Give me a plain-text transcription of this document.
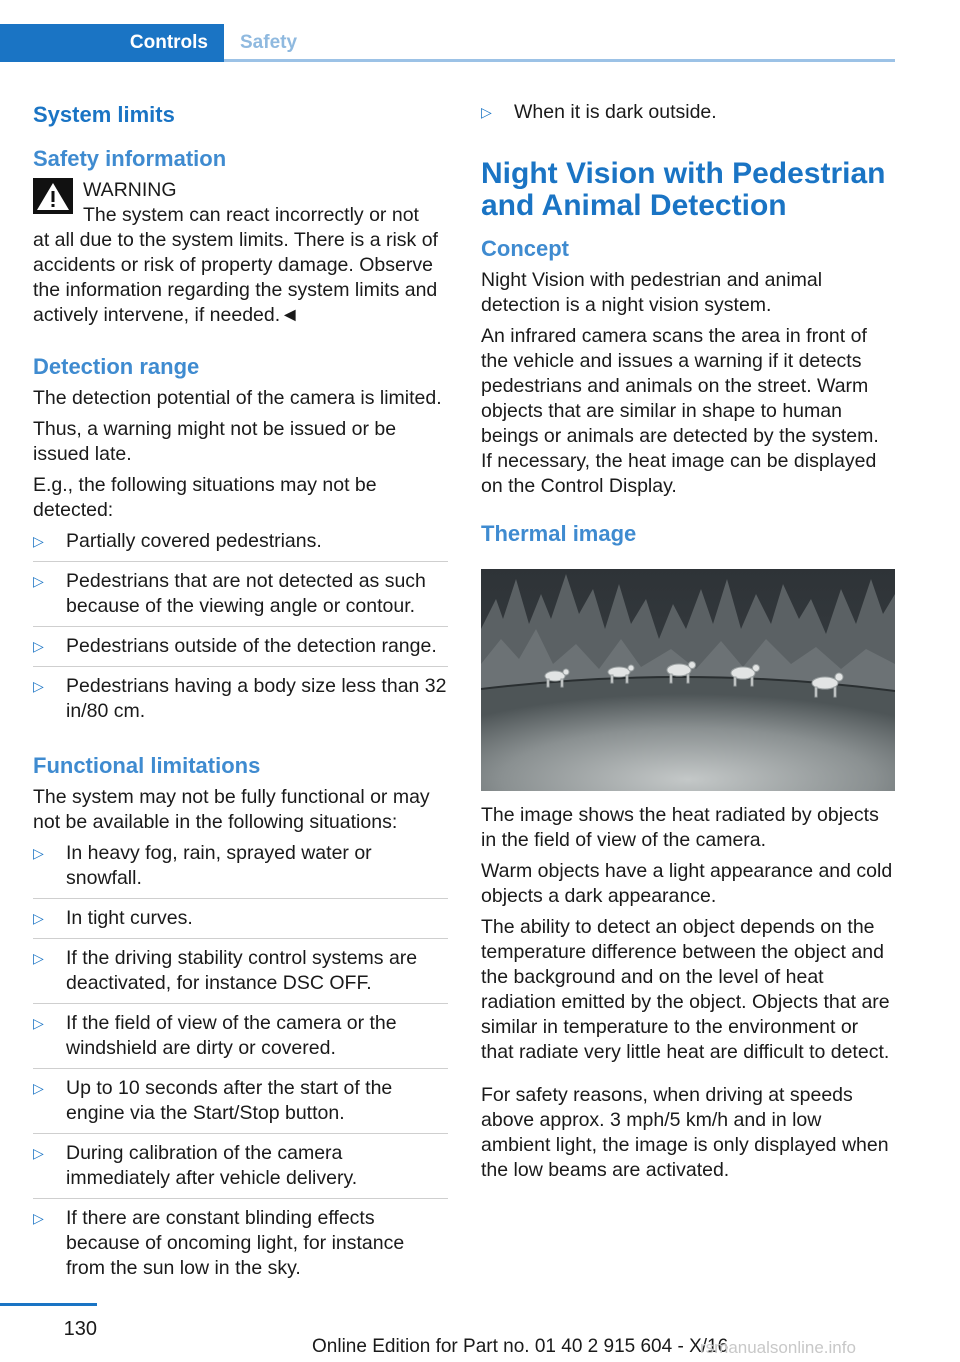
Controls	Safety
System limits
Safety information
WARNING
The system can react incorrectly or not
at all due to the system limits. There is a risk of accidents or risk of property damage. Observe the information regarding the system limits and actively intervene, if needed.◄
Detection range

The detection potential of the camera is limited.

Thus, a warning might not be issued or be issued late.

E.g., the following situations may not be detected:

▷ Partially covered pedestrians.
▷ Pedestrians that are not detected as such because of the viewing angle or contour.
▷ Pedestrians outside of the detection range.
▷ Pedestrians having a body size less than 32 in/80 cm.
Functional limitations

The system may not be fully functional or may not be available in the following situations:

▷ In heavy fog, rain, sprayed water or snowfall.
▷ In tight curves.
▷ If the driving stability control systems are deactivated, for instance DSC OFF.
▷ If the field of view of the camera or the windshield are dirty or covered.
▷ Up to 10 seconds after the start of the engine via the Start/Stop button.
▷ During calibration of the camera immediately after vehicle delivery.
▷ If there are constant blinding effects because of oncoming light, for instance from the sun low in the sky.
▷ When it is dark outside.
Night Vision with Pedestrian and Animal Detection
Concept

Night Vision with pedestrian and animal detection is a night vision system.

An infrared camera scans the area in front of the vehicle and issues a warning if it detects pedestrians and animals on the street. Warm objects that are similar in shape to human beings or animals are detected by the system. If necessary, the heat image can be displayed on the Control Display.

Thermal image

The image shows the heat radiated by objects in the field of view of the camera.

Warm objects have a light appearance and cold objects a dark appearance.

The ability to detect an object depends on the temperature difference between the object and the background and on the level of heat radiation emitted by the object. Objects that are similar in temperature to the environment or that radiate very little heat are difficult to detect.

For safety reasons, when driving at speeds above approx. 3 mph/5 km/h and in low ambient light, the image is only displayed when the low beams are activated.

130
Online Edition for Part no. 01 40 2 915 604 - X/16
rsmanualsonline.info
